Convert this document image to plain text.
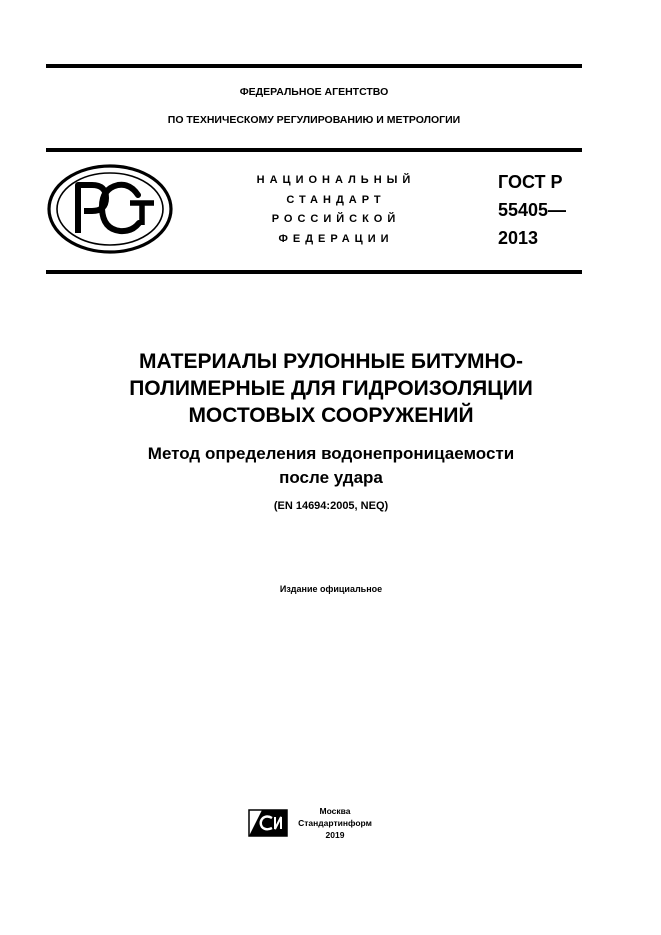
ФЕДЕРАЛЬНОЕ АГЕНТСТВО
ПО ТЕХНИЧЕСКОМУ РЕГУЛИРОВАНИЮ И МЕТРОЛОГИИ
НАЦИОНАЛЬНЫЙ
СТАНДАРТ
РОССИЙСКОЙ
ФЕДЕРАЦИИ
ГОСТ Р
55405—
2013
МАТЕРИАЛЫ РУЛОННЫЕ БИТУМНО-
ПОЛИМЕРНЫЕ ДЛЯ ГИДРОИЗОЛЯЦИИ
МОСТОВЫХ СООРУЖЕНИЙ
Метод определения водонепроницаемости
после удара
(EN 14694:2005, NEQ)
Издание официальное
Москва
Стандартинформ
2019
